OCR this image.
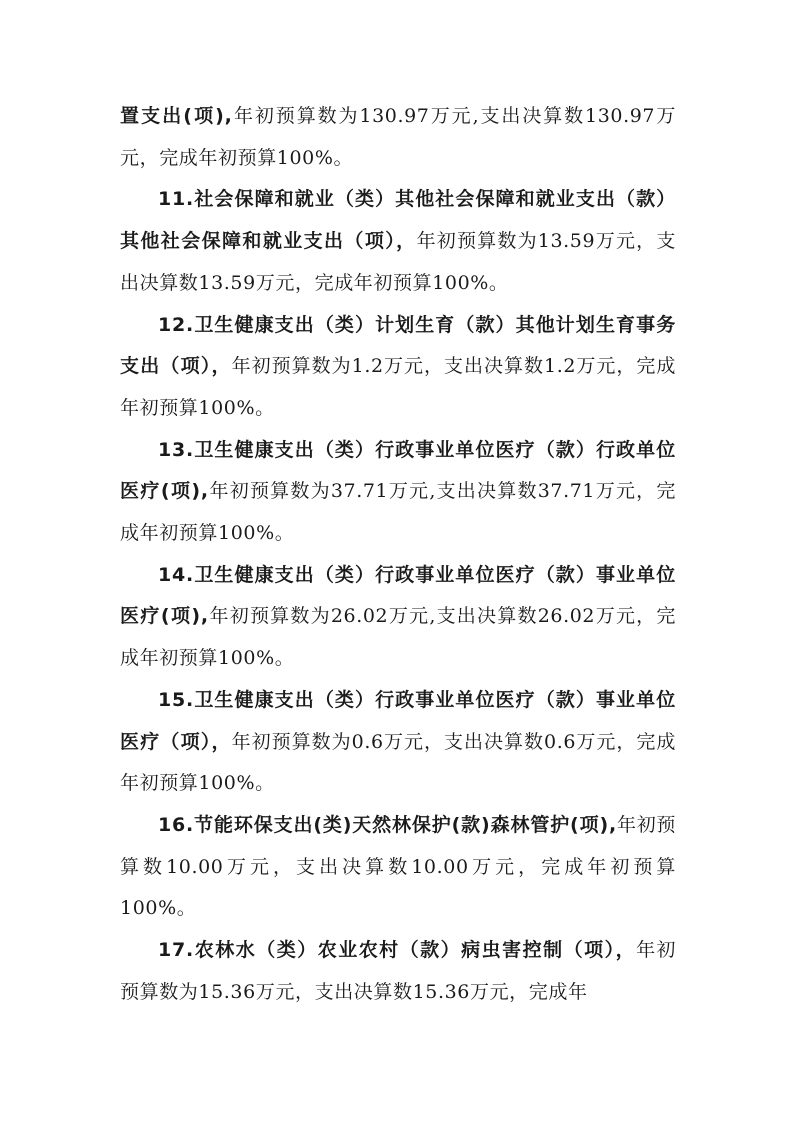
置支出(项),年初预算数为130.97万元,支出决算数130.97万元，完成年初预算100%。

11.社会保障和就业（类）其他社会保障和就业支出（款）其他社会保障和就业支出（项），年初预算数为13.59万元，支出决算数13.59万元，完成年初预算100%。

12.卫生健康支出（类）计划生育（款）其他计划生育事务支出（项），年初预算数为1.2万元，支出决算数1.2万元，完成年初预算100%。

13.卫生健康支出（类）行政事业单位医疗（款）行政单位医疗(项),年初预算数为37.71万元,支出决算数37.71万元，完成年初预算100%。

14.卫生健康支出（类）行政事业单位医疗（款）事业单位医疗(项),年初预算数为26.02万元,支出决算数26.02万元，完成年初预算100%。

15.卫生健康支出（类）行政事业单位医疗（款）事业单位医疗（项），年初预算数为0.6万元，支出决算数0.6万元，完成年初预算100%。

16.节能环保支出(类)天然林保护(款)森林管护(项),年初预算数10.00万元，支出决算数10.00万元，完成年初预算100%。

17.农林水（类）农业农村（款）病虫害控制（项），年初预算数为15.36万元，支出决算数15.36万元，完成年
